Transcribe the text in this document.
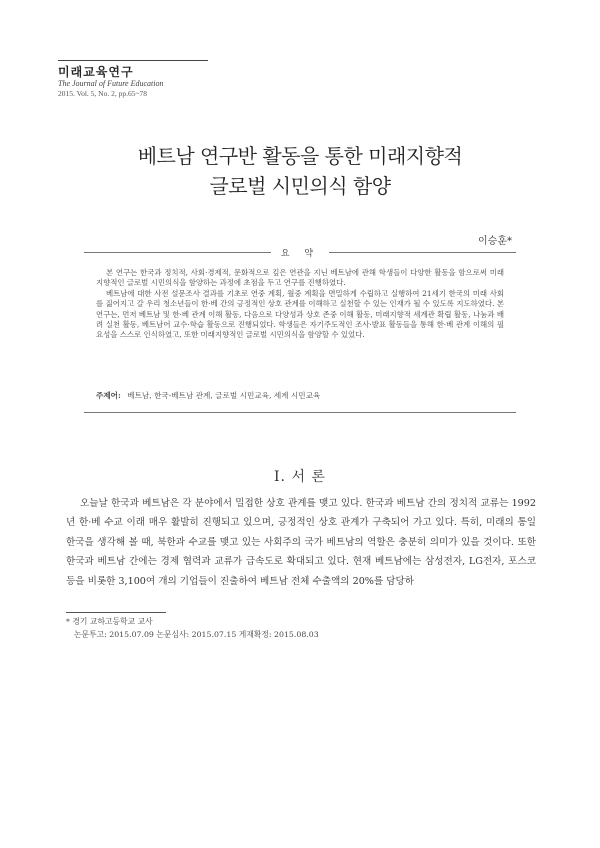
미래교육연구
The Journal of Future Education
2015. Vol. 5, No. 2, pp.65~78
베트남 연구반 활동을 통한 미래지향적
글로벌 시민의식 함양
이승훈*
요 약

본 연구는 한국과 정치적, 사회·경제적, 문화적으로 깊은 연관을 지닌 베트남에 관해 학생들이 다양한 활동을 함으로써 미래지향적인 글로벌 시민의식을 함양하는 과정에 초점을 두고 연구를 진행하였다.

베트남에 대한 사전 설문조사 결과를 기초로 연중 계획, 월중 계획을 면밀하게 수립하고 실행하여 21세기 한국의 미래 사회를 짊어지고 갈 우리 청소년들이 한·베 간의 긍정적인 상호 관계를 이해하고 실천할 수 있는 인재가 될 수 있도록 지도하였다. 본 연구는, 먼저 베트남 및 한·베 관계 이해 활동, 다음으로 다양성과 상호 존중 이해 활동, 미래지향적 세계관 확립 활동, 나눔과 배려 실천 활동, 베트남어 교수·학습 활동으로 진행되었다. 학생들은 자기주도적인 조사·발표 활동들을 통해 한·베 관계 이해의 필요성을 스스로 인식하였고, 또한 미래지향적인 글로벌 시민의식을 함양할 수 있었다.

주제어: 베트남, 한국-베트남 관계, 글로벌 시민교육, 세계 시민교육
Ⅰ. 서 론

오늘날 한국과 베트남은 각 분야에서 밀접한 상호 관계를 맺고 있다. 한국과 베트남 간의 정치적 교류는 1992년 한·베 수교 이래 매우 활발히 진행되고 있으며, 긍정적인 상호 관계가 구축되어 가고 있다. 특히, 미래의 통일 한국을 생각해 볼 때, 북한과 수교를 맺고 있는 사회주의 국가 베트남의 역할은 충분히 의미가 있을 것이다. 또한 한국과 베트남 간에는 경제 협력과 교류가 급속도로 확대되고 있다. 현재 베트남에는 삼성전자, LG전자, 포스코 등을 비롯한 3,100여 개의 기업들이 진출하여 베트남 전체 수출액의 20%를 담당하

* 경기 교하고등학교 교사
논문투고: 2015.07.09 논문심사: 2015.07.15 게재확정: 2015.08.03
